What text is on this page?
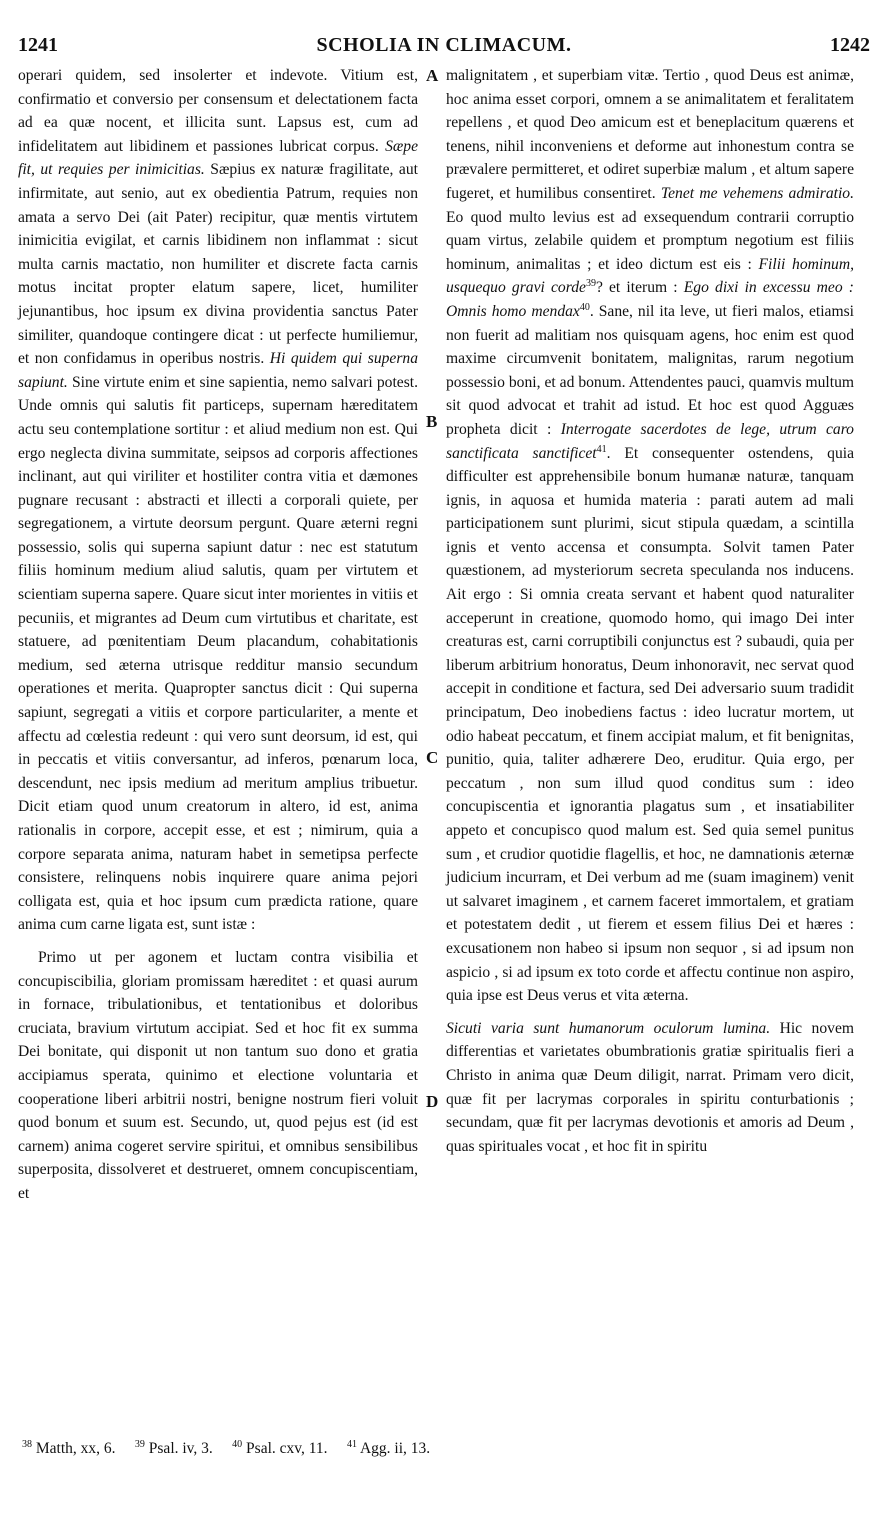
1241	SCHOLIA IN CLIMACUM.	1242

operari quidem, sed insolerter et indevote. Vitium est, confirmatio et conversio per consensum et delectationem facta ad ea quæ nocent, et illicita sunt. Lapsus est, cum ad infidelitatem aut libidinem et passiones lubricat corpus. Sæpe fit, ut requies per inimicitias. Sæpius ex naturæ fragilitate, aut infirmitate, aut senio, aut ex obedientia Patrum, requies non amata a servo Dei (ait Pater) recipitur, quæ mentis virtutem inimicitia evigilat, et carnis libidinem non inflammat : sicut multa carnis mactatio, non humiliter et discrete facta carnis motus incitat propter elatum sapere, licet, humiliter jejunantibus, hoc ipsum ex divina providentia sanctus Pater similiter, quandoque contingere dicat : ut perfecte humiliemur, et non confidamus in operibus nostris. Hi quidem qui superna sapiunt. Sine virtute enim et sine sapientia, nemo salvari potest. Unde omnis qui salutis fit particeps, supernam hæreditatem actu seu contemplatione sortitur : et aliud medium non est. Qui ergo neglecta divina summitate, seipsos ad corporis affectiones inclinant, aut qui viriliter et hostiliter contra vitia et dæmones pugnare recusant : abstracti et illecti a corporali quiete, per segregationem, a virtute deorsum pergunt. Quare æterni regni possessio, solis qui superna sapiunt datur : nec est statutum filiis hominum medium aliud salutis, quam per virtutem et scientiam superna sapere. Quare sicut inter morientes in vitiis et pecuniis, et migrantes ad Deum cum virtutibus et charitate, est statuere, ad pœnitentiam Deum placandum, cohabitationis medium, sed æterna utrisque redditur mansio secundum operationes et merita. Quapropter sanctus dicit : Qui superna sapiunt, segregati a vitiis et corpore particulariter, a mente et affectu ad cœlestia redeunt : qui vero sunt deorsum, id est, qui in peccatis et vitiis conversantur, ad inferos, pœnarum loca, descendunt, nec ipsis medium ad meritum amplius tribuetur. Dicit etiam quod unum creatorum in altero, id est, anima rationalis in corpore, accepit esse, et est ; nimirum, quia a corpore separata anima, naturam habet in semetipsa perfecte consistere, relinquens nobis inquirere quare anima pejori colligata est, quia et hoc ipsum cum prædicta ratione, quare anima cum carne ligata est, sunt istæ :

Primo ut per agonem et luctam contra visibilia et concupiscibilia, gloriam promissam hæreditet : et quasi aurum in fornace, tribulationibus, et tentationibus et doloribus cruciata, bravium virtutum accipiat. Sed et hoc fit ex summa Dei bonitate, qui disponit ut non tantum suo dono et gratia accipiamus sperata, quinimo et electione voluntaria et cooperatione liberi arbitrii nostri, benigne nostrum fieri voluit quod bonum et suum est. Secundo, ut, quod pejus est (id est carnem) anima cogeret servire spiritui, et omnibus sensibilibus superposita, dissolveret et destrueret, omnem concupiscentiam, et

malignitatem , et superbiam vitæ. Tertio , quod Deus est animæ, hoc anima esset corpori, omnem a se animalitatem et feralitatem repellens , et quod Deo amicum est et beneplacitum quærens et tenens, nihil inconveniens et deforme aut inhonestum contra se prævalere permitteret, et odiret superbiæ malum , et altum sapere fugeret, et humilibus consentiret. Tenet me vehemens admiratio. Eo quod multo levius est ad exsequendum contrarii corruptio quam virtus, zelabile quidem et promptum negotium est filiis hominum, animalitas ; et ideo dictum est eis : Filii hominum, usquequo gravi corde$^{39}$? et iterum : Ego dixi in excessu meo : Omnis homo mendax$^{40}$. Sane, nil ita leve, ut fieri malos, etiamsi non fuerit ad malitiam nos quisquam agens, hoc enim est quod maxime circumvenit bonitatem, malignitas, rarum negotium possessio boni, et ad bonum. Attendentes pauci, quamvis multum sit quod advocat et trahit ad istud. Et hoc est quod Agguæs propheta dicit : Interrogate sacerdotes de lege, utrum caro sanctificata sanctificet$^{41}$. Et consequenter ostendens, quia difficulter est apprehensibile bonum humanæ naturæ, tanquam ignis, in aquosa et humida materia : parati autem ad mali participationem sunt plurimi, sicut stipula quædam, a scintilla ignis et vento accensa et consumpta. Solvit tamen Pater quæstionem, ad mysteriorum secreta speculanda nos inducens. Ait ergo : Si omnia creata servant et habent quod naturaliter acceperunt in creatione, quomodo homo, qui imago Dei inter creaturas est, carni corruptibili conjunctus est ? subaudi, quia per liberum arbitrium honoratus, Deum inhonoravit, nec servat quod accepit in conditione et factura, sed Dei adversario suum tradidit principatum, Deo inobediens factus : ideo lucratur mortem, ut odio habeat peccatum, et finem accipiat malum, et fit benignitas, punitio, quia, taliter adhærere Deo, eruditur. Quia ergo, per peccatum , non sum illud quod conditus sum : ideo concupiscentia et ignorantia plagatus sum , et insatiabiliter appeto et concupisco quod malum est. Sed quia semel punitus sum , et crudior quotidie flagellis, et hoc, ne damnationis æternæ judicium incurram, et Dei verbum ad me (suam imaginem) venit ut salvaret imaginem , et carnem faceret immortalem, et gratiam et potestatem dedit , ut fierem et essem filius Dei et hæres : excusationem non habeo si ipsum non sequor , si ad ipsum non aspicio , si ad ipsum ex toto corde et affectu continue non aspiro, quia ipse est Deus verus et vita æterna.

Sicuti varia sunt humanorum oculorum lumina. Hic novem differentias et varietates obumbrationis gratiæ spiritualis fieri a Christo in anima quæ Deum diligit, narrat. Primam vero dicit, quæ fit per lacrymas corporales in spiritu conturbationis ; secundam, quæ fit per lacrymas devotionis et amoris ad Deum , quas spirituales vocat , et hoc fit in spiritu

A
B
C
D
$^{38}$ Matth, xx, 6. $^{39}$ Psal. iv, 3. $^{40}$ Psal. cxv, 11. $^{41}$ Agg. ii, 13.
